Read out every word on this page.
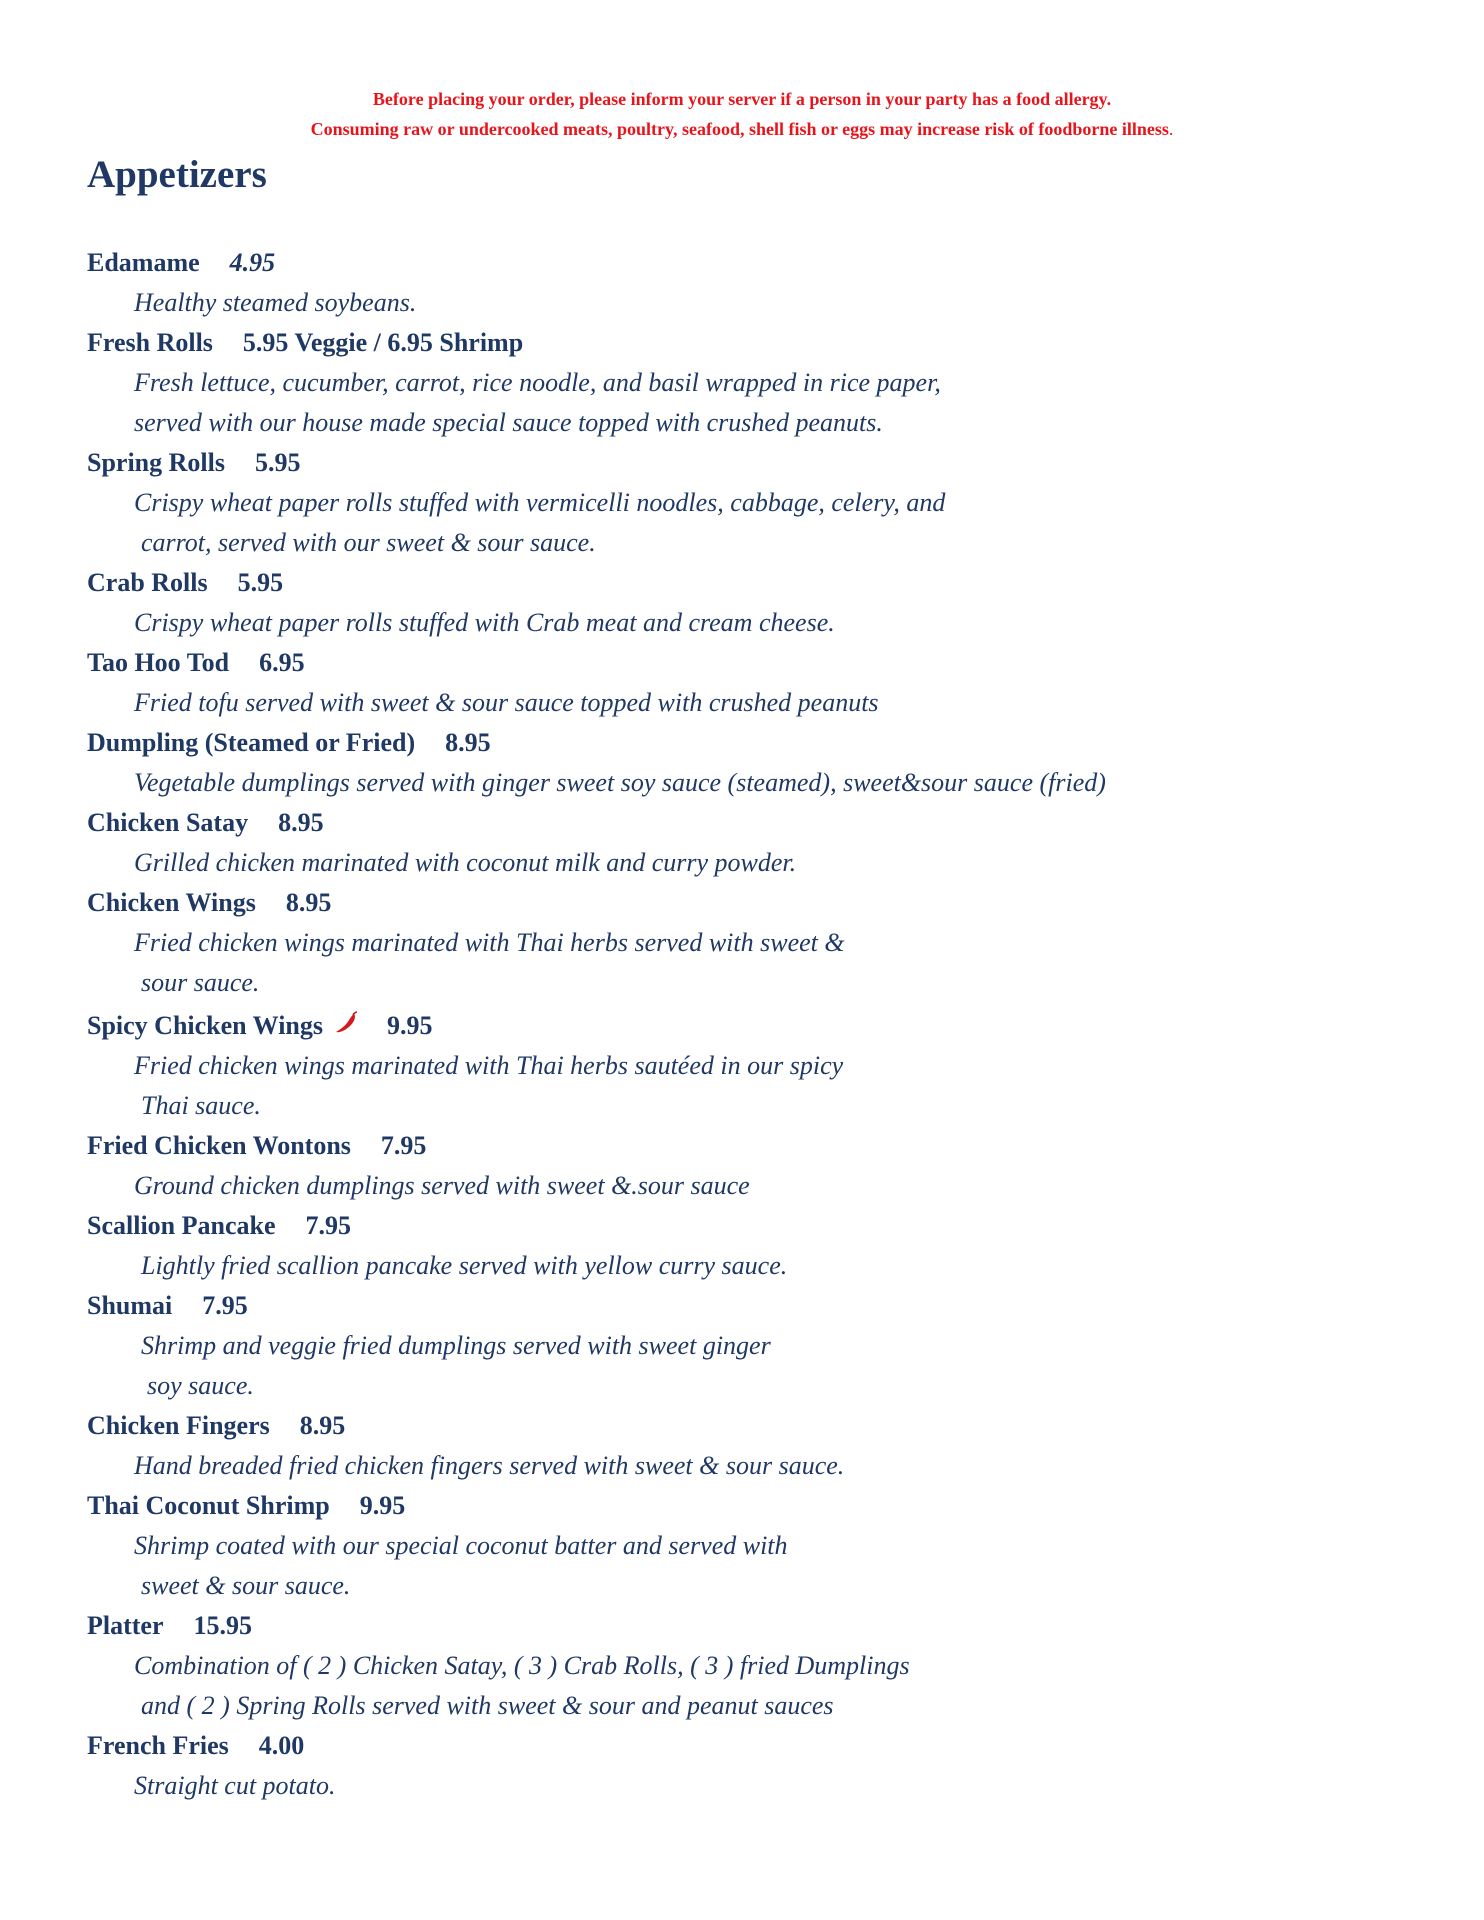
Before placing your order, please inform your server if a person in your party has a food allergy.
Consuming raw or undercooked meats, poultry, seafood, shell fish or eggs may increase risk of foodborne illness.
Appetizers
Edamame 4.95
Healthy steamed soybeans.
Fresh Rolls 5.95 Veggie / 6.95 Shrimp
Fresh lettuce, cucumber, carrot, rice noodle, and basil wrapped in rice paper,
served with our house made special sauce topped with crushed peanuts.
Spring Rolls 5.95
Crispy wheat paper rolls stuffed with vermicelli noodles, cabbage, celery, and
carrot, served with our sweet & sour sauce.
Crab Rolls 5.95
Crispy wheat paper rolls stuffed with Crab meat and cream cheese.
Tao Hoo Tod 6.95
Fried tofu served with sweet & sour sauce topped with crushed peanuts
Dumpling (Steamed or Fried) 8.95
Vegetable dumplings served with ginger sweet soy sauce (steamed), sweet&sour sauce (fried)
Chicken Satay 8.95
Grilled chicken marinated with coconut milk and curry powder.
Chicken Wings 8.95
Fried chicken wings marinated with Thai herbs served with sweet &
sour sauce.
Spicy Chicken Wings 9.95
Fried chicken wings marinated with Thai herbs sautéed in our spicy
Thai sauce.
Fried Chicken Wontons 7.95
Ground chicken dumplings served with sweet &.sour sauce
Scallion Pancake 7.95
Lightly fried scallion pancake served with yellow curry sauce.
Shumai 7.95
Shrimp and veggie fried dumplings served with sweet ginger
soy sauce.
Chicken Fingers 8.95
Hand breaded fried chicken fingers served with sweet & sour sauce.
Thai Coconut Shrimp 9.95
Shrimp coated with our special coconut batter and served with
sweet & sour sauce.
Platter 15.95
Combination of ( 2 ) Chicken Satay, ( 3 ) Crab Rolls, ( 3 ) fried Dumplings
and ( 2 ) Spring Rolls served with sweet & sour and peanut sauces
French Fries 4.00
Straight cut potato.
